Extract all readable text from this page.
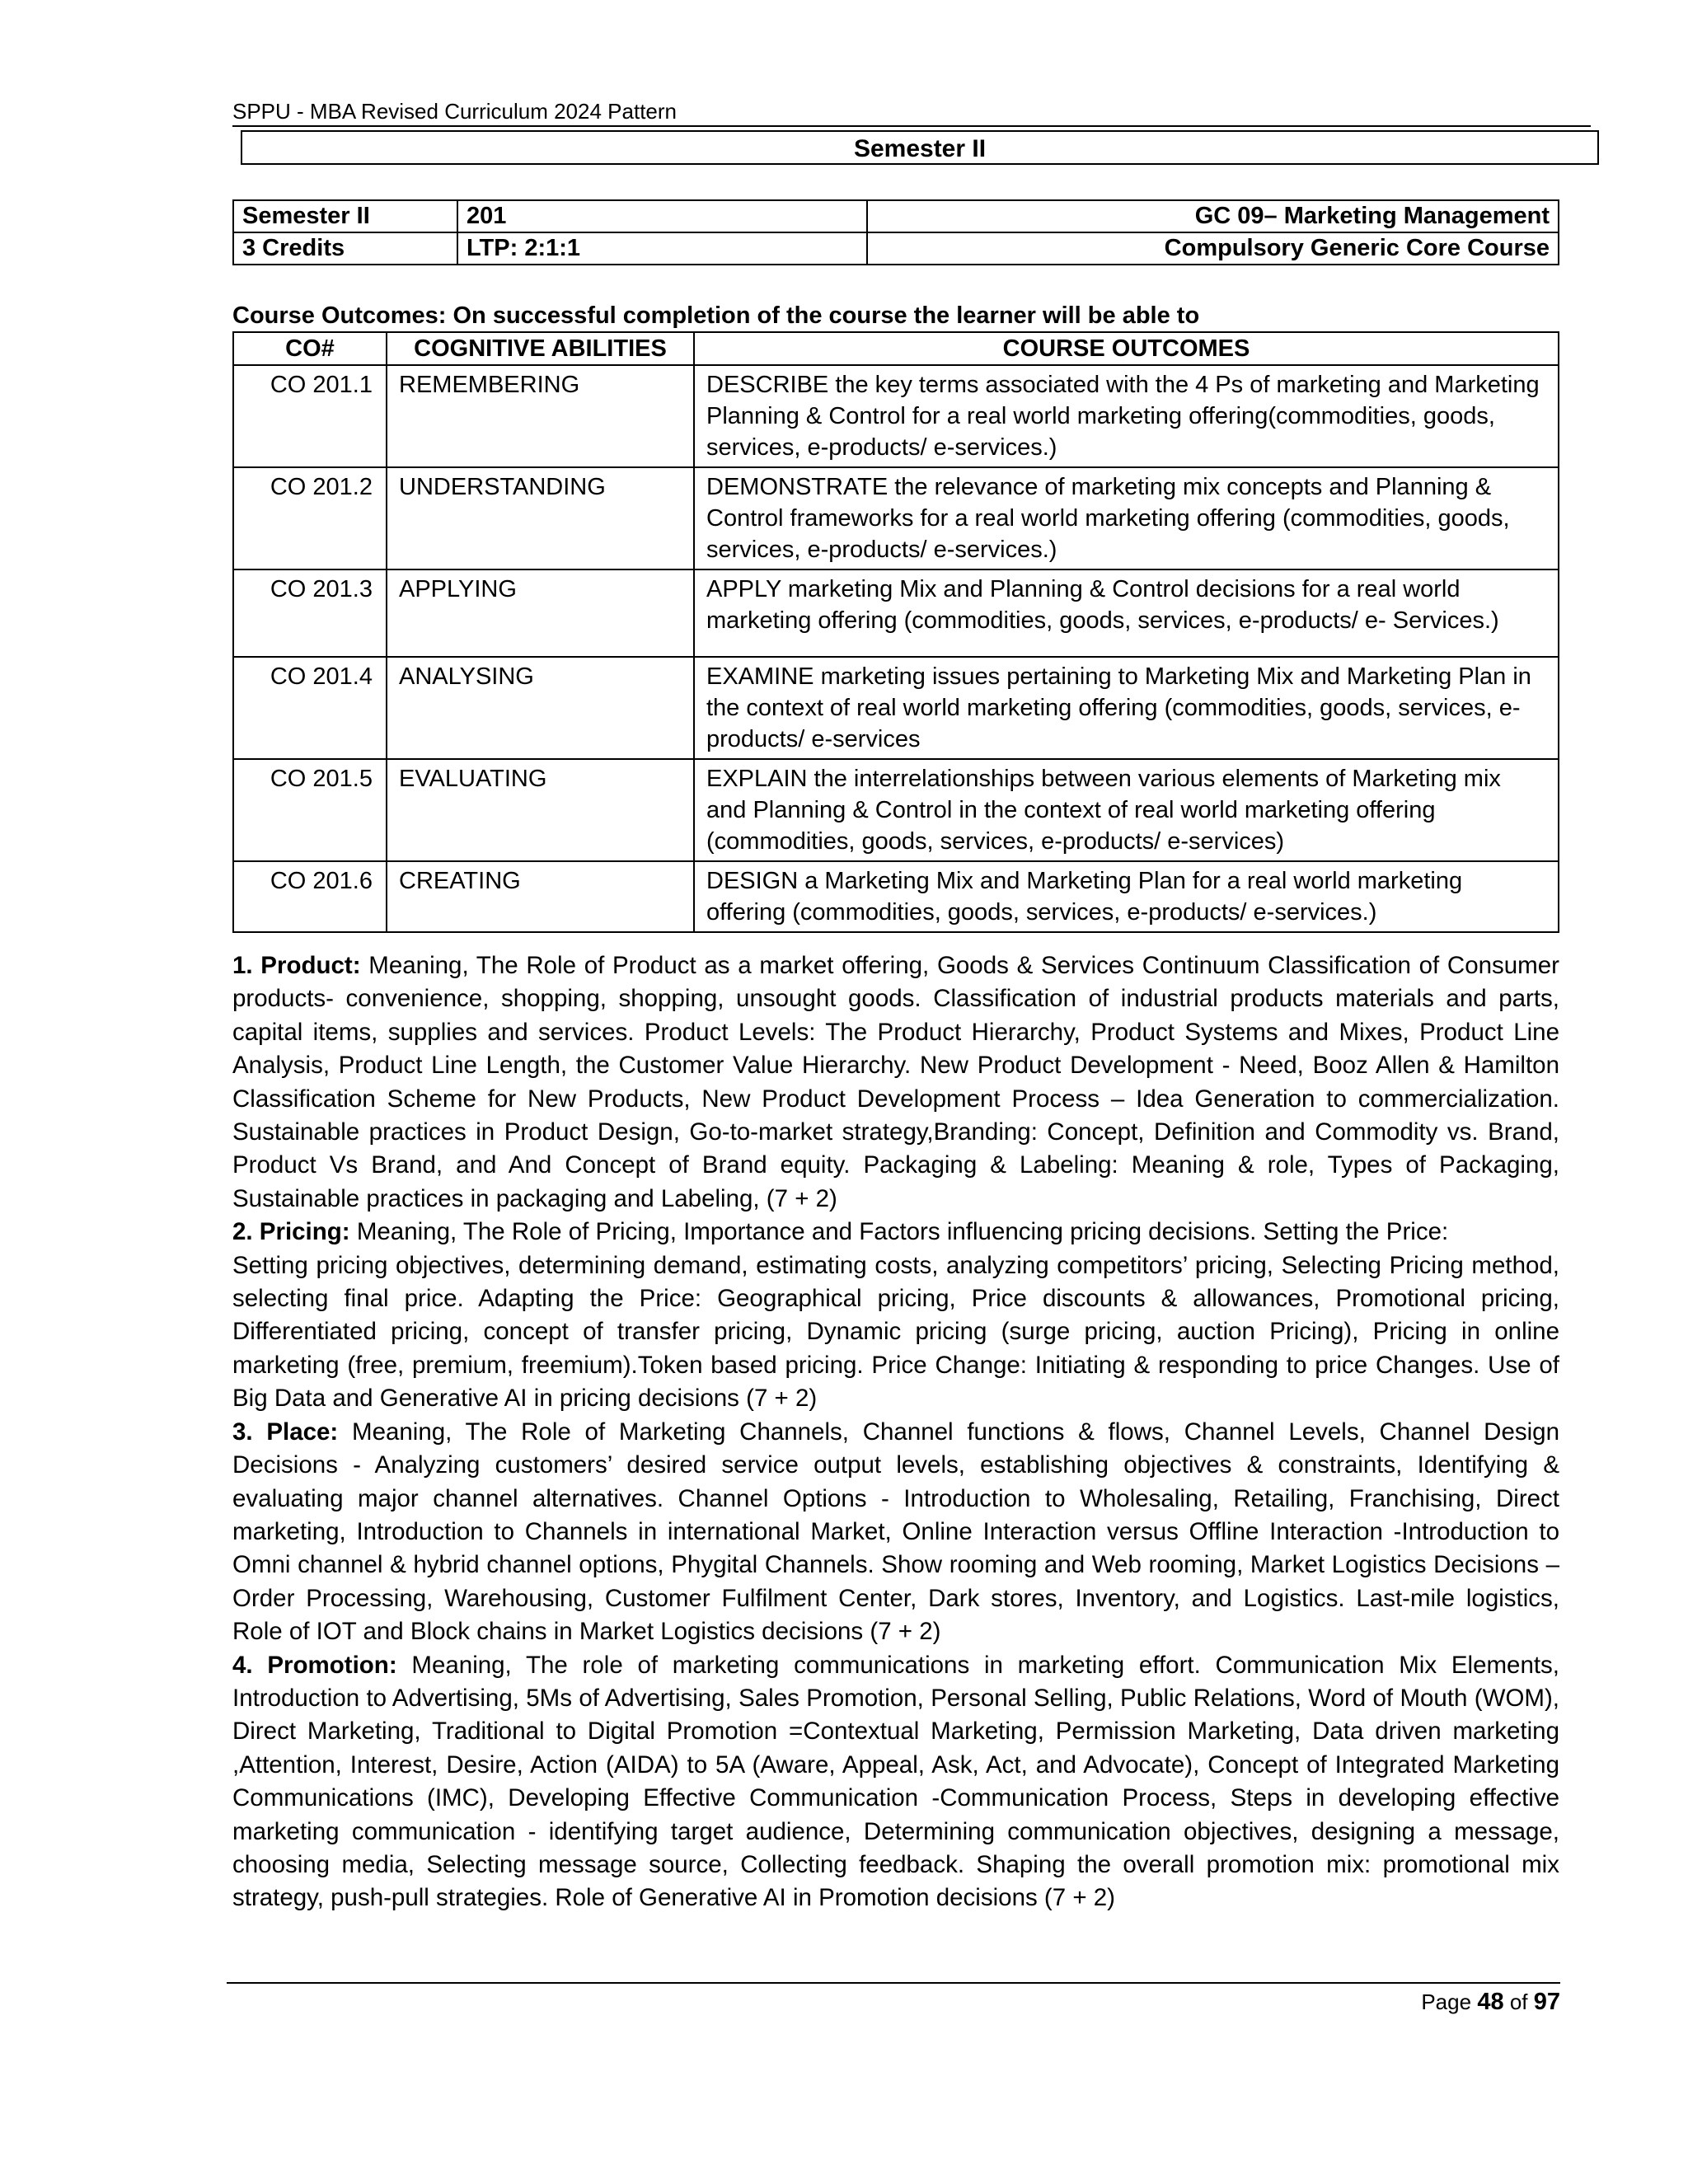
SPPU - MBA Revised Curriculum 2024 Pattern
Semester II
Semester II	201	GC 09– Marketing Management
3 Credits	LTP: 2:1:1	Compulsory Generic Core Course
Course Outcomes: On successful completion of the course the learner will be able to
CO#	COGNITIVE ABILITIES	COURSE OUTCOMES
CO 201.1	REMEMBERING	DESCRIBE the key terms associated with the 4 Ps of marketing and Marketing Planning & Control for a real world marketing offering(commodities, goods, services, e-products/ e-services.)
CO 201.2	UNDERSTANDING	DEMONSTRATE the relevance of marketing mix concepts and Planning & Control frameworks for a real world marketing offering (commodities, goods, services, e-products/ e-services.)
CO 201.3	APPLYING	APPLY marketing Mix and Planning & Control decisions for a real world marketing offering (commodities, goods, services, e-products/ e- Services.)
CO 201.4	ANALYSING	EXAMINE marketing issues pertaining to Marketing Mix and Marketing Plan in the context of real world marketing offering (commodities, goods, services, e-products/ e-services
CO 201.5	EVALUATING	EXPLAIN the interrelationships between various elements of Marketing mix and Planning & Control in the context of real world marketing offering (commodities, goods, services, e-products/ e-services)
CO 201.6	CREATING	DESIGN a Marketing Mix and Marketing Plan for a real world marketing offering (commodities, goods, services, e-products/ e-services.)

1. Product: Meaning, The Role of Product as a market offering, Goods & Services Continuum Classification of Consumer products- convenience, shopping, shopping, unsought goods. Classification of industrial products materials and parts, capital items, supplies and services. Product Levels: The Product Hierarchy, Product Systems and Mixes, Product Line Analysis, Product Line Length, the Customer Value Hierarchy. New Product Development - Need, Booz Allen & Hamilton Classification Scheme for New Products, New Product Development Process – Idea Generation to commercialization. Sustainable practices in Product Design, Go-to-market strategy,Branding: Concept, Definition and Commodity vs. Brand, Product Vs Brand, and And Concept of Brand equity. Packaging & Labeling: Meaning & role, Types of Packaging, Sustainable practices in packaging and Labeling, (7 + 2)

2. Pricing: Meaning, The Role of Pricing, Importance and Factors influencing pricing decisions. Setting the Price:

Setting pricing objectives, determining demand, estimating costs, analyzing competitors’ pricing, Selecting Pricing method, selecting final price. Adapting the Price: Geographical pricing, Price discounts & allowances, Promotional pricing, Differentiated pricing, concept of transfer pricing, Dynamic pricing (surge pricing, auction Pricing), Pricing in online marketing (free, premium, freemium).Token based pricing. Price Change: Initiating & responding to price Changes. Use of Big Data and Generative AI in pricing decisions (7 + 2)

3. Place: Meaning, The Role of Marketing Channels, Channel functions & flows, Channel Levels, Channel Design Decisions - Analyzing customers’ desired service output levels, establishing objectives & constraints, Identifying & evaluating major channel alternatives. Channel Options - Introduction to Wholesaling, Retailing, Franchising, Direct marketing, Introduction to Channels in international Market, Online Interaction versus Offline Interaction -Introduction to Omni channel & hybrid channel options, Phygital Channels. Show rooming and Web rooming, Market Logistics Decisions – Order Processing, Warehousing, Customer Fulfilment Center, Dark stores, Inventory, and Logistics. Last-mile logistics, Role of IOT and Block chains in Market Logistics decisions (7 + 2)

4. Promotion: Meaning, The role of marketing communications in marketing effort. Communication Mix Elements, Introduction to Advertising, 5Ms of Advertising, Sales Promotion, Personal Selling, Public Relations, Word of Mouth (WOM), Direct Marketing, Traditional to Digital Promotion =Contextual Marketing, Permission Marketing, Data driven marketing ,Attention, Interest, Desire, Action (AIDA) to 5A (Aware, Appeal, Ask, Act, and Advocate), Concept of Integrated Marketing Communications (IMC), Developing Effective Communication -Communication Process, Steps in developing effective marketing communication - identifying target audience, Determining communication objectives, designing a message, choosing media, Selecting message source, Collecting feedback. Shaping the overall promotion mix: promotional mix strategy, push-pull strategies. Role of Generative AI in Promotion decisions (7 + 2)

Page 48 of 97
